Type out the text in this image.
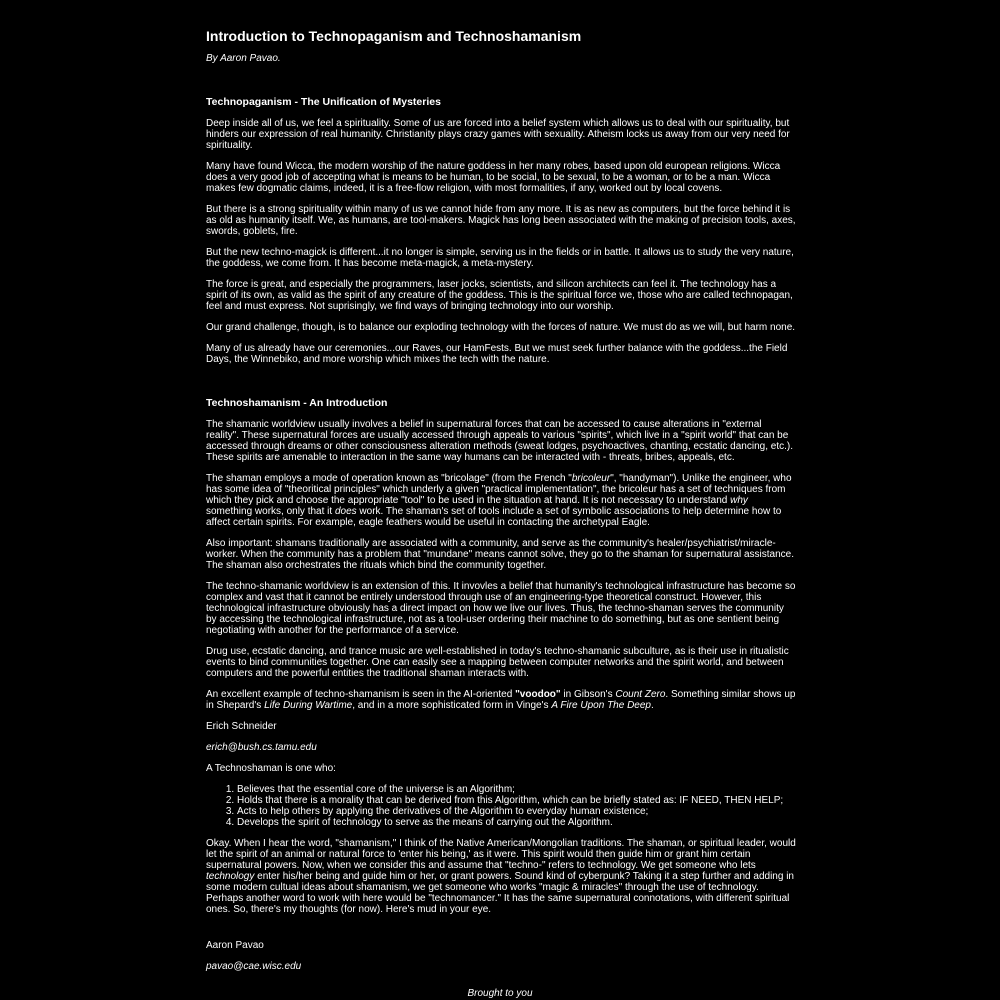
Introduction to Technopaganism and Technoshamanism

By Aaron Pavao.

Technopaganism - The Unification of Mysteries

Deep inside all of us, we feel a spirituality. Some of us are forced into a belief system which allows us to deal with our spirituality, but hinders our expression of real humanity. Christianity plays crazy games with sexuality. Atheism locks us away from our very need for spirituality.

Many have found Wicca, the modern worship of the nature goddess in her many robes, based upon old european religions. Wicca does a very good job of accepting what is means to be human, to be social, to be sexual, to be a woman, or to be a man. Wicca makes few dogmatic claims, indeed, it is a free-flow religion, with most formalities, if any, worked out by local covens.

But there is a strong spirituality within many of us we cannot hide from any more. It is as new as computers, but the force behind it is as old as humanity itself. We, as humans, are tool-makers. Magick has long been associated with the making of precision tools, axes, swords, goblets, fire.

But the new techno-magick is different...it no longer is simple, serving us in the fields or in battle. It allows us to study the very nature, the goddess, we come from. It has become meta-magick, a meta-mystery.

The force is great, and especially the programmers, laser jocks, scientists, and silicon architects can feel it. The technology has a spirit of its own, as valid as the spirit of any creature of the goddess. This is the spiritual force we, those who are called technopagan, feel and must express. Not suprisingly, we find ways of bringing technology into our worship.

Our grand challenge, though, is to balance our exploding technology with the forces of nature. We must do as we will, but harm none.

Many of us already have our ceremonies...our Raves, our HamFests. But we must seek further balance with the goddess...the Field Days, the Winnebiko, and more worship which mixes the tech with the nature.

Technoshamanism - An Introduction

The shamanic worldview usually involves a belief in supernatural forces that can be accessed to cause alterations in "external reality". These supernatural forces are usually accessed through appeals to various "spirits", which live in a "spirit world" that can be accessed through dreams or other consciousness alteration methods (sweat lodges, psychoactives, chanting, ecstatic dancing, etc.). These spirits are amenable to interaction in the same way humans can be interacted with - threats, bribes, appeals, etc.

The shaman employs a mode of operation known as "bricolage" (from the French "bricoleur", "handyman"). Unlike the engineer, who has some idea of "theoritical principles" which underly a given "practical implementation", the bricoleur has a set of techniques from which they pick and choose the appropriate "tool" to be used in the situation at hand. It is not necessary to understand why something works, only that it does work. The shaman's set of tools include a set of symbolic associations to help determine how to affect certain spirits. For example, eagle feathers would be useful in contacting the archetypal Eagle.

Also important: shamans traditionally are associated with a community, and serve as the community's healer/psychiatrist/miracle-worker. When the community has a problem that "mundane" means cannot solve, they go to the shaman for supernatural assistance. The shaman also orchestrates the rituals which bind the community together.

The techno-shamanic worldview is an extension of this. It invovles a belief that humanity's technological infrastructure has become so complex and vast that it cannot be entirely understood through use of an engineering-type theoretical construct. However, this technological infrastructure obviously has a direct impact on how we live our lives. Thus, the techno-shaman serves the community by accessing the technological infrastructure, not as a tool-user ordering their machine to do something, but as one sentient being negotiating with another for the performance of a service.

Drug use, ecstatic dancing, and trance music are well-established in today's techno-shamanic subculture, as is their use in ritualistic events to bind communities together. One can easily see a mapping between computer networks and the spirit world, and between computers and the powerful entities the traditional shaman interacts with.

An excellent example of techno-shamanism is seen in the AI-oriented "voodoo" in Gibson's Count Zero. Something similar shows up in Shepard's Life During Wartime, and in a more sophisticated form in Vinge's A Fire Upon The Deep.

Erich Schneider

erich@bush.cs.tamu.edu

A Technoshaman is one who:

1. Believes that the essential core of the universe is an Algorithm;
2. Holds that there is a morality that can be derived from this Algorithm, which can be briefly stated as: IF NEED, THEN HELP;
3. Acts to help others by applying the derivatives of the Algorithm to everyday human existence;
4. Develops the spirit of technology to serve as the means of carrying out the Algorithm.

Okay. When I hear the word, "shamanism," I think of the Native American/Mongolian traditions. The shaman, or spiritual leader, would let the spirit of an animal or natural force to 'enter his being,' as it were. This spirit would then guide him or grant him certain supernatural powers. Now, when we consider this and assume that "techno-" refers to technology. We get someone who lets technology enter his/her being and guide him or her, or grant powers. Sound kind of cyberpunk? Taking it a step further and adding in some modern cultual ideas about shamanism, we get someone who works "magic & miracles" through the use of technology. Perhaps another word to work with here would be "technomancer." It has the same supernatural connotations, with different spiritual ones. So, there's my thoughts (for now). Here's mud in your eye.

Aaron Pavao

pavao@cae.wisc.edu

Brought to you
